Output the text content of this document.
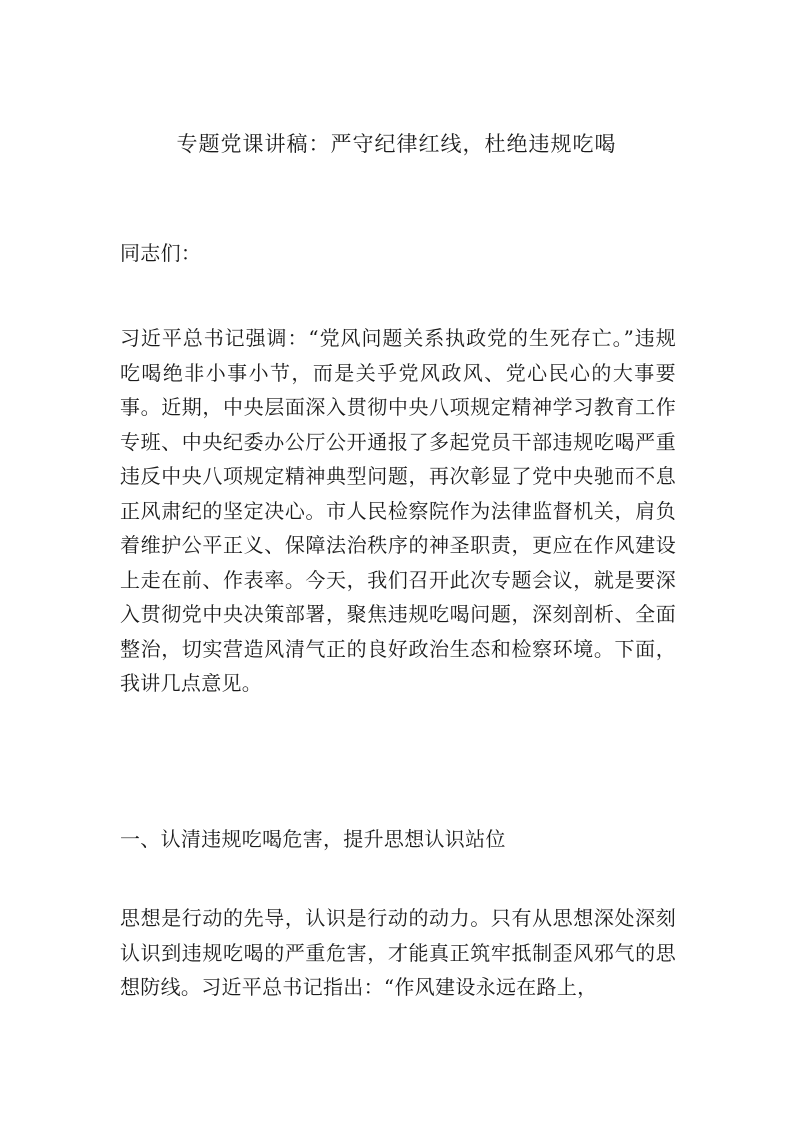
专题党课讲稿：严守纪律红线，杜绝违规吃喝

同志们：

习近平总书记强调：“党风问题关系执政党的生死存亡。”违规吃喝绝非小事小节，而是关乎党风政风、党心民心的大事要事。近期，中央层面深入贯彻中央八项规定精神学习教育工作专班、中央纪委办公厅公开通报了多起党员干部违规吃喝严重违反中央八项规定精神典型问题，再次彰显了党中央驰而不息正风肃纪的坚定决心。市人民检察院作为法律监督机关，肩负着维护公平正义、保障法治秩序的神圣职责，更应在作风建设上走在前、作表率。今天，我们召开此次专题会议，就是要深入贯彻党中央决策部署，聚焦违规吃喝问题，深刻剖析、全面整治，切实营造风清气正的良好政治生态和检察环境。下面，我讲几点意见。

一、认清违规吃喝危害，提升思想认识站位

思想是行动的先导，认识是行动的动力。只有从思想深处深刻认识到违规吃喝的严重危害，才能真正筑牢抵制歪风邪气的思想防线。习近平总书记指出：“作风建设永远在路上，
